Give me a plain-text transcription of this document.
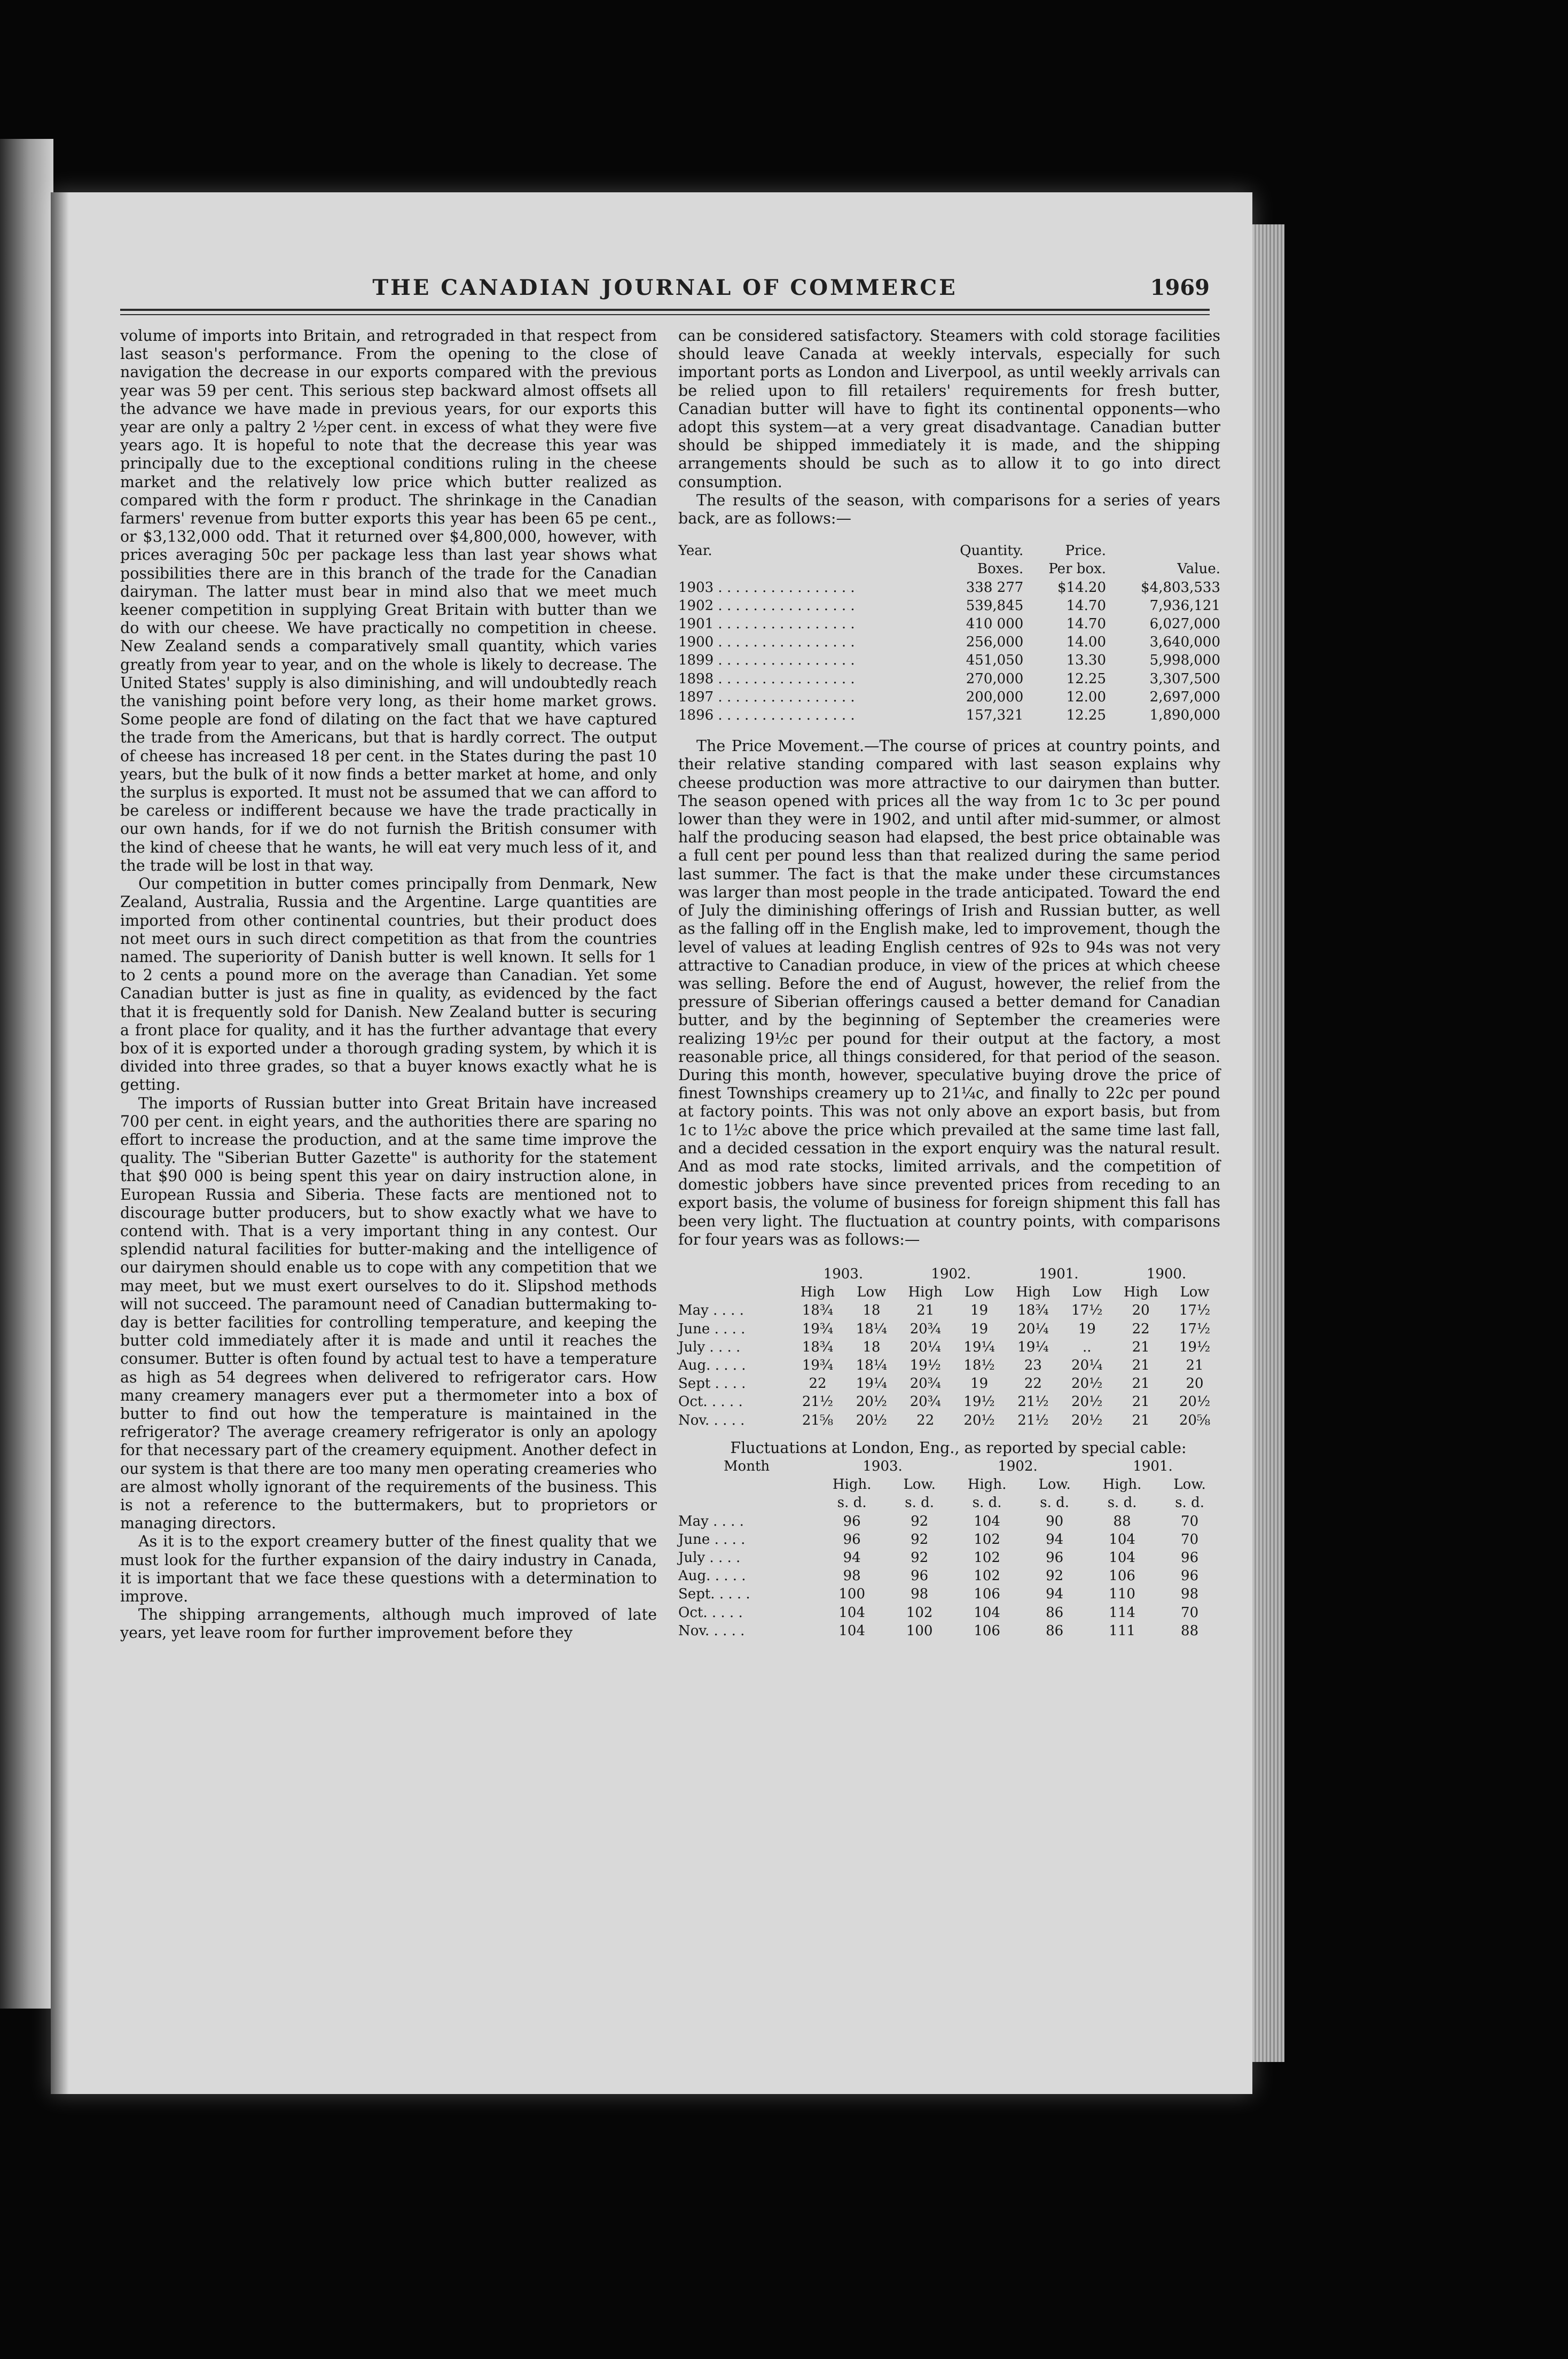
THE CANADIAN JOURNAL OF COMMERCE	1969

volume of imports into Britain, and retrograded in that respect from last season's performance. From the opening to the close of navigation the decrease in our exports compared with the previous year was 59 per cent. This serious step backward almost offsets all the advance we have made in previous years, for our exports this year are only a paltry 2 ½per cent. in excess of what they were five years ago. It is hopeful to note that the decrease this year was principally due to the exceptional conditions ruling in the cheese market and the relatively low price which butter realized as compared with the form r product. The shrinkage in the Canadian farmers' revenue from butter exports this year has been 65 pe cent., or $3,132,000 odd. That it returned over $4,800,000, however, with prices averaging 50c per package less than last year shows what possibilities there are in this branch of the trade for the Canadian dairyman. The latter must bear in mind also that we meet much keener competition in supplying Great Britain with butter than we do with our cheese. We have practically no competition in cheese. New Zealand sends a comparatively small quantity, which varies greatly from year to year, and on the whole is likely to decrease. The United States' supply is also diminishing, and will undoubtedly reach the vanishing point before very long, as their home market grows. Some people are fond of dilating on the fact that we have captured the trade from the Americans, but that is hardly correct. The output of cheese has increased 18 per cent. in the States during the past 10 years, but the bulk of it now finds a better market at home, and only the surplus is exported. It must not be assumed that we can afford to be careless or indifferent because we have the trade practically in our own hands, for if we do not furnish the British consumer with the kind of cheese that he wants, he will eat very much less of it, and the trade will be lost in that way.

Our competition in butter comes principally from Denmark, New Zealand, Australia, Russia and the Argentine. Large quantities are imported from other continental countries, but their product does not meet ours in such direct competition as that from the countries named. The superiority of Danish butter is well known. It sells for 1 to 2 cents a pound more on the average than Canadian. Yet some Canadian butter is just as fine in quality, as evidenced by the fact that it is frequently sold for Danish. New Zealand butter is securing a front place for quality, and it has the further advantage that every box of it is exported under a thorough grading system, by which it is divided into three grades, so that a buyer knows exactly what he is getting.

The imports of Russian butter into Great Britain have increased 700 per cent. in eight years, and the authorities there are sparing no effort to increase the production, and at the same time improve the quality. The "Siberian Butter Gazette" is authority for the statement that $90 000 is being spent this year on dairy instruction alone, in European Russia and Siberia. These facts are mentioned not to discourage butter producers, but to show exactly what we have to contend with. That is a very important thing in any contest. Our splendid natural facilities for butter-making and the intelligence of our dairymen should enable us to cope with any competition that we may meet, but we must exert ourselves to do it. Slipshod methods will not succeed. The paramount need of Canadian buttermaking to-day is better facilities for controlling temperature, and keeping the butter cold immediately after it is made and until it reaches the consumer. Butter is often found by actual test to have a temperature as high as 54 degrees when delivered to refrigerator cars. How many creamery managers ever put a thermometer into a box of butter to find out how the temperature is maintained in the refrigerator? The average creamery refrigerator is only an apology for that necessary part of the creamery equipment. Another defect in our system is that there are too many men operating creameries who are almost wholly ignorant of the requirements of the business. This is not a reference to the buttermakers, but to proprietors or managing directors.

As it is to the export creamery butter of the finest quality that we must look for the further expansion of the dairy industry in Canada, it is important that we face these questions with a determination to improve.

The shipping arrangements, although much improved of late years, yet leave room for further improvement before they

can be considered satisfactory. Steamers with cold storage facilities should leave Canada at weekly intervals, especially for such important ports as London and Liverpool, as until weekly arrivals can be relied upon to fill retailers' requirements for fresh butter, Canadian butter will have to fight its continental opponents—who adopt this system—at a very great disadvantage. Canadian butter should be shipped immediately it is made, and the shipping arrangements should be such as to allow it to go into direct consumption.

The results of the season, with comparisons for a series of years back, are as follows:—

Year.	Quantity.	Price.	
	Boxes.	Per box.	Value.
1903 . . . . . . . . . . . . . . . .	338 277	$14.20	$4,803,533
1902 . . . . . . . . . . . . . . . .	539,845	14.70	7,936,121
1901 . . . . . . . . . . . . . . . .	410 000	14.70	6,027,000
1900 . . . . . . . . . . . . . . . .	256,000	14.00	3,640,000
1899 . . . . . . . . . . . . . . . .	451,050	13.30	5,998,000
1898 . . . . . . . . . . . . . . . .	270,000	12.25	3,307,500
1897 . . . . . . . . . . . . . . . .	200,000	12.00	2,697,000
1896 . . . . . . . . . . . . . . . .	157,321	12.25	1,890,000

The Price Movement.—The course of prices at country points, and their relative standing compared with last season explains why cheese production was more attractive to our dairymen than butter. The season opened with prices all the way from 1c to 3c per pound lower than they were in 1902, and until after mid-summer, or almost half the producing season had elapsed, the best price obtainable was a full cent per pound less than that realized during the same period last summer. The fact is that the make under these circumstances was larger than most people in the trade anticipated. Toward the end of July the diminishing offerings of Irish and Russian butter, as well as the falling off in the English make, led to improvement, though the level of values at leading English centres of 92s to 94s was not very attractive to Canadian produce, in view of the prices at which cheese was selling. Before the end of August, however, the relief from the pressure of Siberian offerings caused a better demand for Canadian butter, and by the beginning of September the creameries were realizing 19½c per pound for their output at the factory, a most reasonable price, all things considered, for that period of the season. During this month, however, speculative buying drove the price of finest Townships creamery up to 21¼c, and finally to 22c per pound at factory points. This was not only above an export basis, but from 1c to 1½c above the price which prevailed at the same time last fall, and a decided cessation in the export enquiry was the natural result. And as mod rate stocks, limited arrivals, and the competition of domestic jobbers have since prevented prices from receding to an export basis, the volume of business for foreign shipment this fall has been very light. The fluctuation at country points, with comparisons for four years was as follows:—

	1903.		1902.		1901.		1900.	
	High	Low	High	Low	High	Low	High	Low
May . . . .	18¾	18	21	19	18¾	17½	20	17½
June . . . .	19¾	18¼	20¾	19	20¼	19	22	17½
July . . . .	18¾	18	20¼	19¼	19¼	..	21	19½
Aug. . . . .	19¾	18¼	19½	18½	23	20¼	21	21
Sept . . . .	22	19¼	20¾	19	22	20½	21	20
Oct. . . . .	21½	20½	20¾	19½	21½	20½	21	20½
Nov. . . . .	21⅝	20½	22	20½	21½	20½	21	20⅝

Fluctuations at London, Eng., as reported by special cable:

Month	1903.		1902.		1901.	
	High.	Low.	High.	Low.	High.	Low.
	s. d.	s. d.	s. d.	s. d.	s. d.	s. d.
May . . . .	96	92	104	90	88	70
June . . . .	96	92	102	94	104	70
July . . . .	94	92	102	96	104	96
Aug. . . . .	98	96	102	92	106	96
Sept. . . . .	100	98	106	94	110	98
Oct. . . . .	104	102	104	86	114	70
Nov. . . . .	104	100	106	86	111	88
